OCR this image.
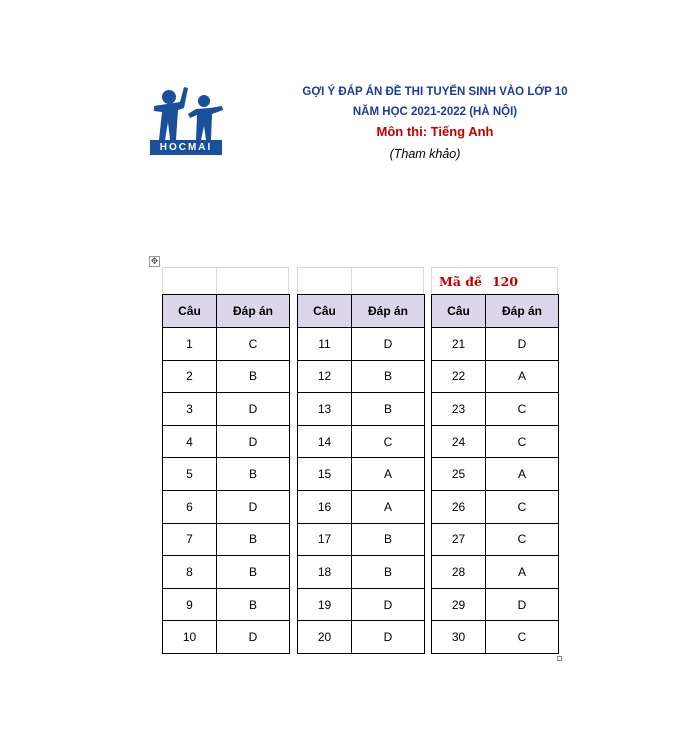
HOCMAI
GỢI Ý ĐÁP ÁN ĐỀ THI TUYỂN SINH VÀO LỚP 10
NĂM HỌC 2021-2022 (HÀ NỘI)
Môn thi: Tiếng Anh
(Tham khảo)
✥
Câu	Đáp án
1	C
2	B
3	D
4	D
5	B
6	D
7	B
8	B
9	B
10	D
Câu	Đáp án
11	D
12	B
13	B
14	C
15	A
16	A
17	B
18	B
19	D
20	D
Mã đề 120
Câu	Đáp án
21	D
22	A
23	C
24	C
25	A
26	C
27	C
28	A
29	D
30	C
